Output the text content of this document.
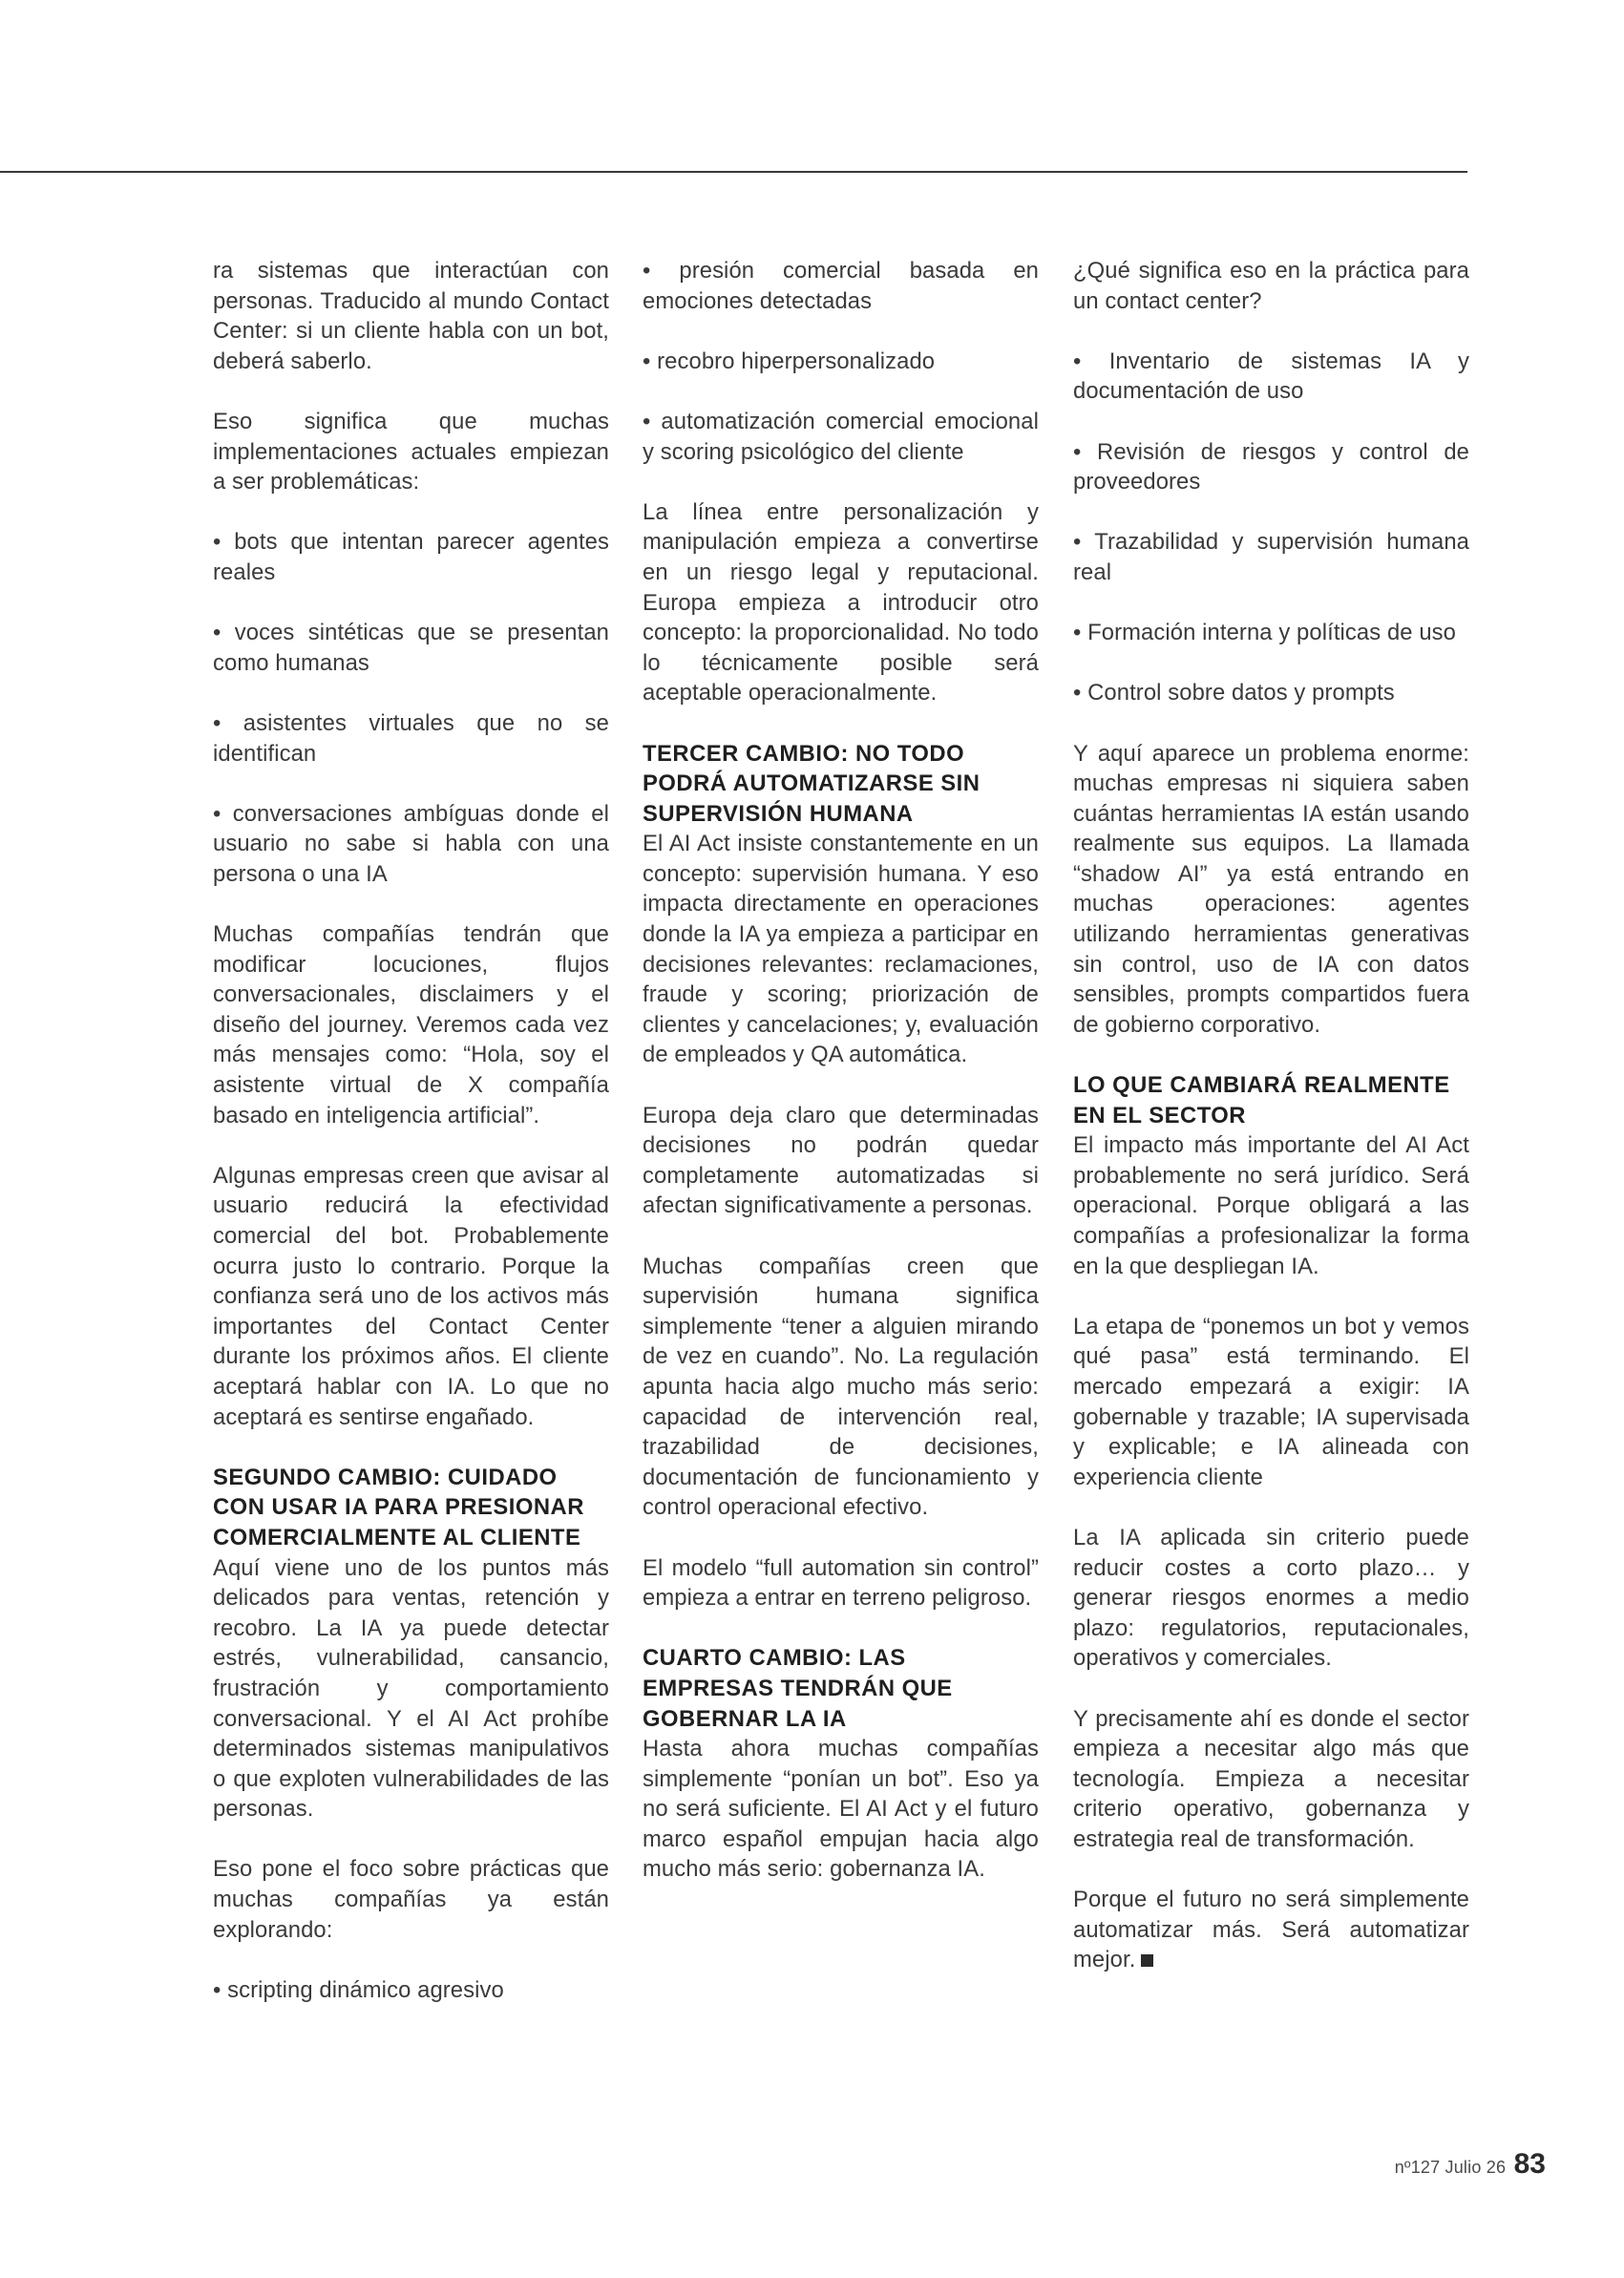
ra sistemas que interactúan con personas. Traducido al mundo Contact Center: si un cliente habla con un bot, deberá saberlo.

Eso significa que muchas implementaciones actuales empiezan a ser problemáticas:

• bots que intentan parecer agentes reales

• voces sintéticas que se presentan como humanas

• asistentes virtuales que no se identifican

• conversaciones ambíguas donde el usuario no sabe si habla con una persona o una IA

Muchas compañías tendrán que modificar locuciones, flujos conversacionales, disclaimers y el diseño del journey. Veremos cada vez más mensajes como: “Hola, soy el asistente virtual de X compañía basado en inteligencia artificial”.

Algunas empresas creen que avisar al usuario reducirá la efectividad comercial del bot. Probablemente ocurra justo lo contrario. Porque la confianza será uno de los activos más importantes del Contact Center durante los próximos años. El cliente aceptará hablar con IA. Lo que no aceptará es sentirse engañado.

SEGUNDO CAMBIO: CUIDADO CON USAR IA PARA PRESIONAR COMERCIALMENTE AL CLIENTE

Aquí viene uno de los puntos más delicados para ventas, retención y recobro. La IA ya puede detectar estrés, vulnerabilidad, cansancio, frustración y comportamiento conversacional. Y el AI Act prohíbe determinados sistemas manipulativos o que exploten vulnerabilidades de las personas.

Eso pone el foco sobre prácticas que muchas compañías ya están explorando:

• scripting dinámico agresivo

• presión comercial basada en emociones detectadas

• recobro hiperpersonalizado

• automatización comercial emocional y scoring psicológico del cliente

La línea entre personalización y manipulación empieza a convertirse en un riesgo legal y reputacional. Europa empieza a introducir otro concepto: la proporcionalidad. No todo lo técnicamente posible será aceptable operacionalmente.

TERCER CAMBIO: NO TODO PODRÁ AUTOMATIZARSE SIN SUPERVISIÓN HUMANA

El AI Act insiste constantemente en un concepto: supervisión humana. Y eso impacta directamente en operaciones donde la IA ya empieza a participar en decisiones relevantes: reclamaciones, fraude y scoring; priorización de clientes y cancelaciones; y, evaluación de empleados y QA automática.

Europa deja claro que determinadas decisiones no podrán quedar completamente automatizadas si afectan significativamente a personas.

Muchas compañías creen que supervisión humana significa simplemente “tener a alguien mirando de vez en cuando”. No. La regulación apunta hacia algo mucho más serio: capacidad de intervención real, trazabilidad de decisiones, documentación de funcionamiento y control operacional efectivo.

El modelo “full automation sin control” empieza a entrar en terreno peligroso.

CUARTO CAMBIO: LAS EMPRESAS TENDRÁN QUE GOBERNAR LA IA

Hasta ahora muchas compañías simplemente “ponían un bot”. Eso ya no será suficiente. El AI Act y el futuro marco español empujan hacia algo mucho más serio: gobernanza IA.

¿Qué significa eso en la práctica para un contact center?

• Inventario de sistemas IA y documentación de uso

• Revisión de riesgos y control de proveedores

• Trazabilidad y supervisión humana real

• Formación interna y políticas de uso

• Control sobre datos y prompts

Y aquí aparece un problema enorme: muchas empresas ni siquiera saben cuántas herramientas IA están usando realmente sus equipos. La llamada “shadow AI” ya está entrando en muchas operaciones: agentes utilizando herramientas generativas sin control, uso de IA con datos sensibles, prompts compartidos fuera de gobierno corporativo.

LO QUE CAMBIARÁ REALMENTE EN EL SECTOR

El impacto más importante del AI Act probablemente no será jurídico. Será operacional. Porque obligará a las compañías a profesionalizar la forma en la que despliegan IA.

La etapa de “ponemos un bot y vemos qué pasa” está terminando. El mercado empezará a exigir: IA gobernable y trazable; IA supervisada y explicable; e IA alineada con experiencia cliente

La IA aplicada sin criterio puede reducir costes a corto plazo… y generar riesgos enormes a medio plazo: regulatorios, reputacionales, operativos y comerciales.

Y precisamente ahí es donde el sector empieza a necesitar algo más que tecnología. Empieza a necesitar criterio operativo, gobernanza y estrategia real de transformación.

Porque el futuro no será simplemente automatizar más. Será automatizar mejor.

nº127 Julio 26 83
